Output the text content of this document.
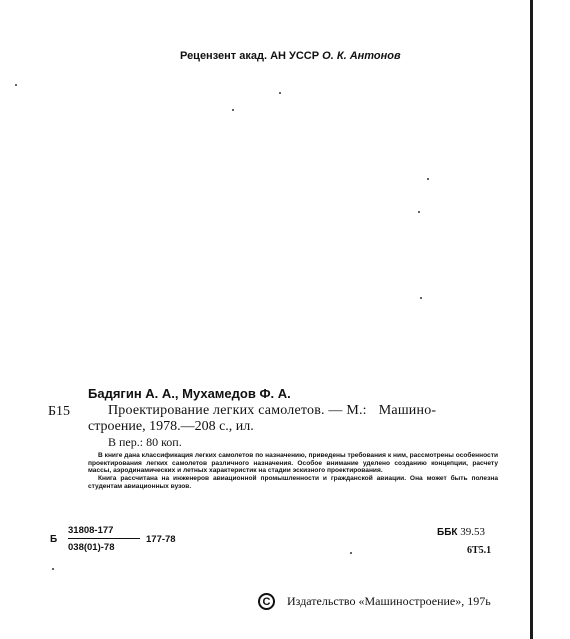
Рецензент акад. АН УССР О. К. Антонов
Бадягин А. А., Мухамедов Ф. А.
Б15	Проектирование легких самолетов. — М.: Машино-
строение, 1978.—208 с., ил.
В пер.: 80 коп.

В книге дана классификация легких самолетов по назначению, приведены требования к ним, рассмотрены особенности проектирования легких самолетов различного назначения. Особое внимание уделено созданию концепции, расчету массы, аэродинамических и летных характеристик на стадии эскизного проектирования.

Книга рассчитана на инженеров авиационной промышленности и гражданской авиации. Она может быть полезна студентам авиационных вузов.

Б $\frac{31808-177}{038(01)-78} 177-78$
ББК 39.53
6Т5.1
C	Издательство «Машиностроение», 197ь
